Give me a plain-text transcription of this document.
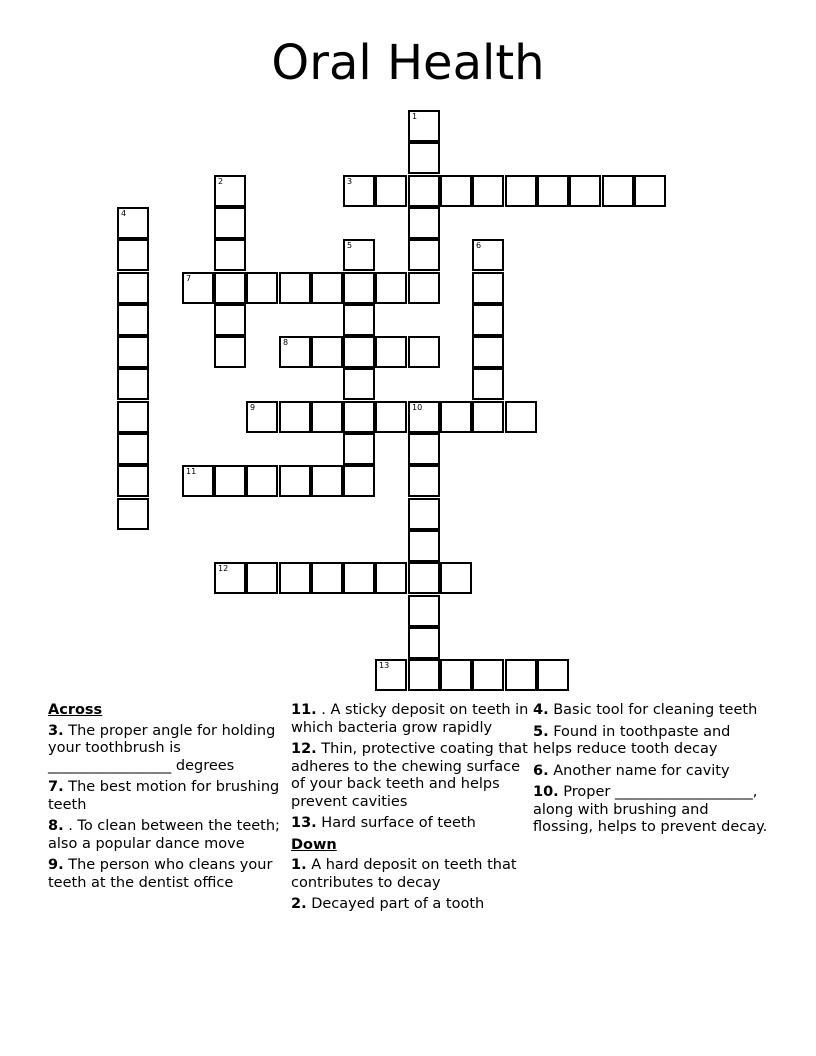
Oral Health
1
2	3
4
5	6
7
8
9	10
11
12
13
Across
3. The proper angle for holding your toothbrush is _________________ degrees
7. The best motion for brushing teeth
8. . To clean between the teeth; also a popular dance move
9. The person who cleans your teeth at the dentist office
11. . A sticky deposit on teeth in which bacteria grow rapidly
12. Thin, protective coating that adheres to the chewing surface of your back teeth and helps prevent cavities
13. Hard surface of teeth
Down
1. A hard deposit on teeth that contributes to decay
2. Decayed part of a tooth
4. Basic tool for cleaning teeth
5. Found in toothpaste and helps reduce tooth decay
6. Another name for cavity
10. Proper ___________________, along with brushing and flossing, helps to prevent decay.
